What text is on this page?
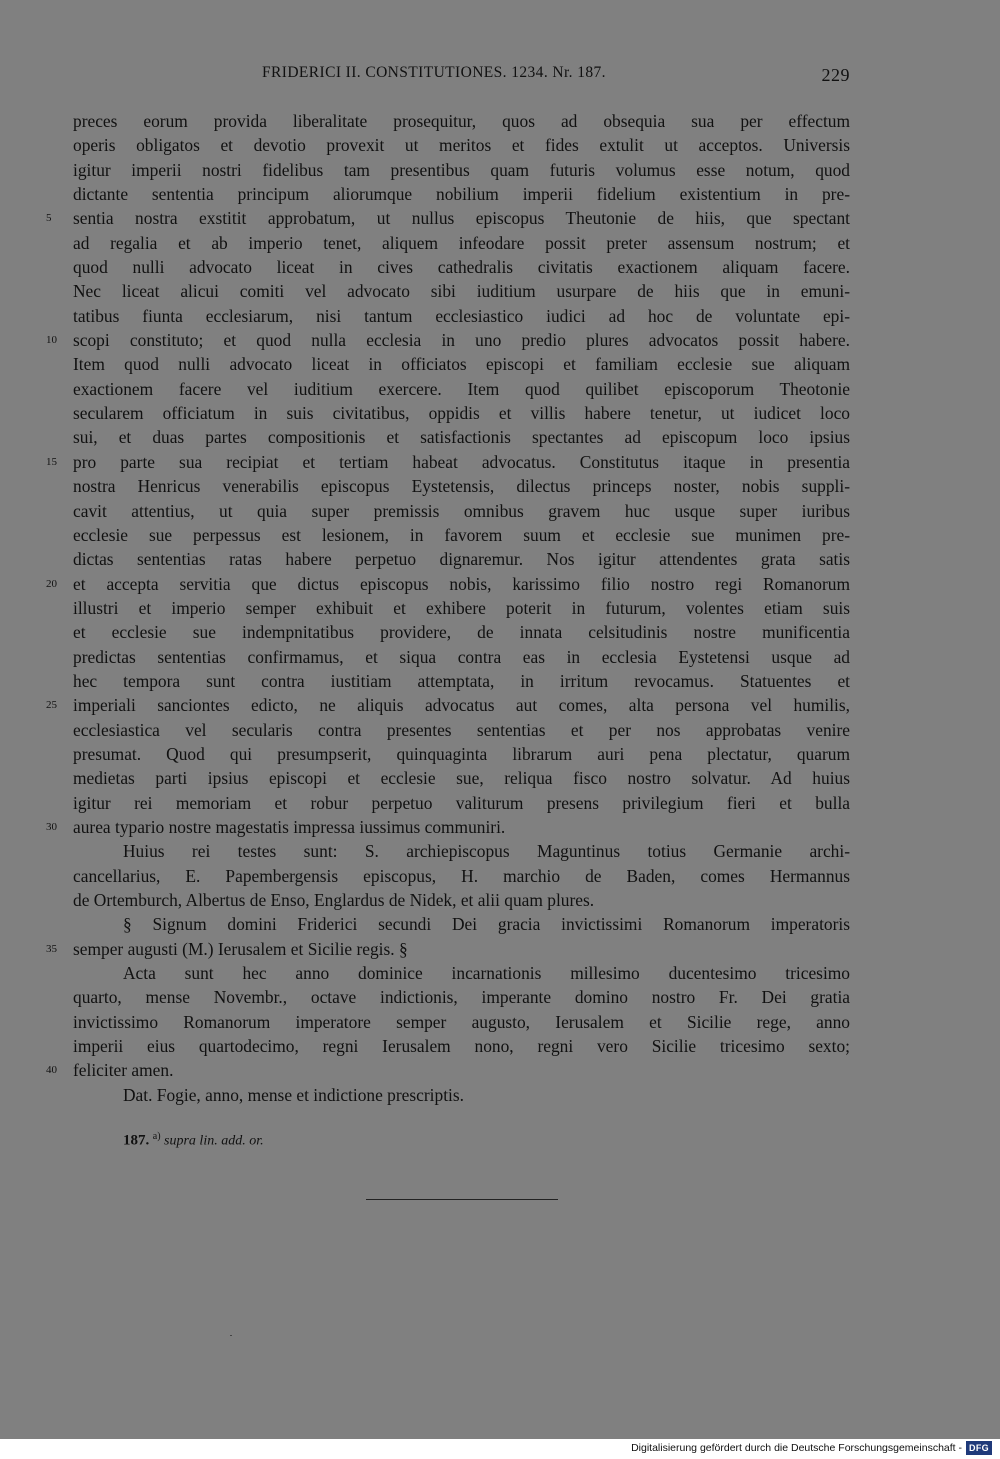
FRIDERICI II. CONSTITUTIONES. 1234. Nr. 187.	229
preces eorum provida liberalitate prosequitur, quos ad obsequia sua per effectum
operis obligatos et devotio provexit ut meritos et fides extulit ut acceptos. Universis
igitur imperii nostri fidelibus tam presentibus quam futuris volumus esse notum, quod
dictante sententia principum aliorumque nobilium imperii fidelium existentium in pre-
5	sentia nostra exstitit approbatum, ut nullus episcopus Theutonie de hiis, que spectant
ad regalia et ab imperio tenet, aliquem infeodare possit preter assensum nostrum; et
quod nulli advocato liceat in cives cathedralis civitatis exactionem aliquam facere.
Nec liceat alicui comiti vel advocato sibi iuditium usurpare de hiis que in emuni-
tatibus fiunta ecclesiarum, nisi tantum ecclesiastico iudici ad hoc de voluntate epi-
10 scopi constituto; et quod nulla ecclesia in uno predio plures advocatos possit habere.
Item quod nulli advocato liceat in officiatos episcopi et familiam ecclesie sue aliquam
exactionem facere vel iuditium exercere. Item quod quilibet episcoporum Theotonie
secularem officiatum in suis civitatibus, oppidis et villis habere tenetur, ut iudicet loco
sui, et duas partes compositionis et satisfactionis spectantes ad episcopum loco ipsius
15 pro parte sua recipiat et tertiam habeat advocatus. Constitutus itaque in presentia
nostra Henricus venerabilis episcopus Eystetensis, dilectus princeps noster, nobis suppli-
cavit attentius, ut quia super premissis omnibus gravem huc usque super iuribus
ecclesie sue perpessus est lesionem, in favorem suum et ecclesie sue munimen pre-
dictas sententias ratas habere perpetuo dignaremur. Nos igitur attendentes grata satis
20 et accepta servitia que dictus episcopus nobis, karissimo filio nostro regi Romanorum
illustri et imperio semper exhibuit et exhibere poterit in futurum, volentes etiam suis
et ecclesie sue indempnitatibus providere, de innata celsitudinis nostre munificentia
predictas sententias confirmamus, et siqua contra eas in ecclesia Eystetensi usque ad
hec tempora sunt contra iustitiam attemptata, in irritum revocamus. Statuentes et
25 imperiali sanciontes edicto, ne aliquis advocatus aut comes, alta persona vel humilis,
ecclesiastica vel secularis contra presentes sententias et per nos approbatas venire
presumat. Quod qui presumpserit, quinquaginta librarum auri pena plectatur, quarum
medietas parti ipsius episcopi et ecclesie sue, reliqua fisco nostro solvatur. Ad huius
igitur rei memoriam et robur perpetuo valiturum presens privilegium fieri et bulla
30 aurea typario nostre magestatis impressa iussimus communiri.
Huius rei testes sunt: S. archiepiscopus Maguntinus totius Germanie archi-
cancellarius, E. Papembergensis episcopus, H. marchio de Baden, comes Hermannus
de Ortemburch, Albertus de Enso, Englardus de Nidek, et alii quam plures.
§ Signum domini Friderici secundi Dei gracia invictissimi Romanorum imperatoris
35 semper augusti (M.) Ierusalem et Sicilie regis. §
Acta sunt hec anno dominice incarnationis millesimo ducentesimo tricesimo
quarto, mense Novembr., octave indictionis, imperante domino nostro Fr. Dei gratia
invictissimo Romanorum imperatore semper augusto, Ierusalem et Sicilie rege, anno
imperii eius quartodecimo, regni Ierusalem nono, regni vero Sicilie tricesimo sexto;
40 feliciter amen.
Dat. Fogie, anno, mense et indictione prescriptis.
187. $^{a)}$ supra lin. add. or.
Digitalisierung gefördert durch die Deutsche Forschungsgemeinschaft - DFG
